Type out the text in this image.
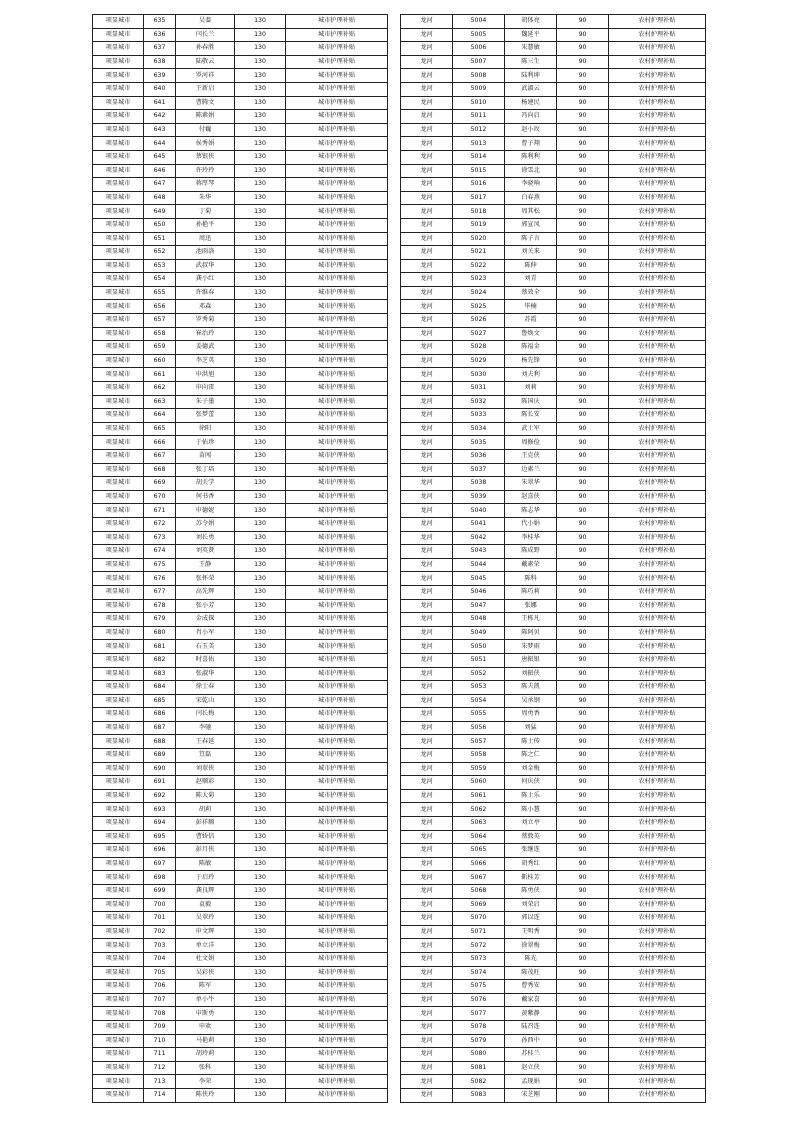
项显城市	635	吴蓁	130	城市护理补贴
项显城市	636	闫长兰	130	城市护理补贴
项显城市	637	孙春胜	130	城市护理补贴
项显城市	638	陆敬云	130	城市护理补贴
项显城市	639	罗河祥	130	城市护理补贴
项显城市	640	王新启	130	城市护理补贴
项显城市	641	曹腾文	130	城市护理补贴
项显城市	642	陈素娟	130	城市护理补贴
项显城市	643	付巍	130	城市护理补贴
项显城市	644	侯秀娟	130	城市护理补贴
项显城市	645	蔡银侠	130	城市护理补贴
项显城市	646	许玲玲	130	城市护理补贴
项显城市	647	蒋厚琴	130	城市护理补贴
项显城市	648	朱华	130	城市护理补贴
项显城市	649	丁菊	130	城市护理补贴
项显城市	650	孙艳平	130	城市护理补贴
项显城市	651	周迅	130	城市护理补贴
项显城市	652	池雨洛	130	城市护理补贴
项显城市	653	武叔华	130	城市护理补贴
项显城市	654	龚小红	130	城市护理补贴
项显城市	655	许维春	130	城市护理补贴
项显城市	656	邓森	130	城市护理补贴
项显城市	657	罗秀菊	130	城市护理补贴
项显城市	658	崔治玲	130	城市护理补贴
项显城市	659	姜德武	130	城市护理补贴
项显城市	660	李芝英	130	城市护理补贴
项显城市	661	申洪旭	130	城市护理补贴
项显城市	662	申向雷	130	城市护理补贴
项显城市	663	朱子墨	130	城市护理补贴
项显城市	664	张梦蕾	130	城市护理补贴
项显城市	665	徐阳	130	城市护理补贴
项显城市	666	于佑珍	130	城市护理补贴
项显城市	667	苗闯	130	城市护理补贴
项显城市	668	张丁培	130	城市护理补贴
项显城市	669	胡关学	130	城市护理补贴
项显城市	670	何书香	130	城市护理补贴
项显城市	671	申德妮	130	城市护理补贴
项显城市	672	苏令娟	130	城市护理补贴
项显城市	673	刘长勇	130	城市护理补贴
项显城市	674	刘英贤	130	城市护理补贴
项显城市	675	王静	130	城市护理补贴
项显城市	676	张怀荣	130	城市护理补贴
项显城市	677	高先辉	130	城市护理补贴
项显城市	678	张小芳	130	城市护理补贴
项显城市	679	金成探	130	城市护理补贴
项显城市	680	肖小军	130	城市护理补贴
项显城市	681	石玉美	130	城市护理补贴
项显城市	682	时喜佑	130	城市护理补贴
项显城市	683	张淑华	130	城市护理补贴
项显城市	684	徐士春	130	城市护理补贴
项显城市	685	宋乾山	130	城市护理补贴
项显城市	686	闫长梅	130	城市护理补贴
项显城市	687	李驰	130	城市护理补贴
项显城市	688	王春延	130	城市护理补贴
项显城市	689	笪磊	130	城市护理补贴
项显城市	690	刘翠侠	130	城市护理补贴
项显城市	691	赵顺彩	130	城市护理补贴
项显城市	692	陈大菊	130	城市护理补贴
项显城市	693	胡莉	130	城市护理补贴
项显城市	694	彭祥顺	130	城市护理补贴
项显城市	695	曹娇信	130	城市护理补贴
项显城市	696	彭月侠	130	城市护理补贴
项显城市	697	陈敏	130	城市护理补贴
项显城市	698	于启玲	130	城市护理补贴
项显城市	699	龚良辉	130	城市护理补贴
项显城市	700	袁毅	130	城市护理补贴
项显城市	701	吴翠玲	130	城市护理补贴
项显城市	702	申文辉	130	城市护理补贴
项显城市	703	单立洋	130	城市护理补贴
项显城市	704	杜文娟	130	城市护理补贴
项显城市	705	吴彩侠	130	城市护理补贴
项显城市	706	陈军	130	城市护理补贴
项显城市	707	单小牛	130	城市护理补贴
项显城市	708	申斯勇	130	城市护理补贴
项显城市	709	申欢	130	城市护理补贴
项显城市	710	马艳莉	130	城市护理补贴
项显城市	711	胡玲莉	130	城市护理补贴
项显城市	712	张科	130	城市护理补贴
项显城市	713	李荣	130	城市护理补贴
项显城市	714	陈侠玲	130	城市护理补贴
龙河	5004	胡体亮	90	农村护理补贴
龙河	5005	魏延平	90	农村护理补贴
龙河	5006	朱慧敏	90	农村护理补贴
龙河	5007	陈三生	90	农村护理补贴
龙河	5008	陆利坤	90	农村护理补贴
龙河	5009	武淑云	90	农村护理补贴
龙河	5010	杨建民	90	农村护理补贴
龙河	5011	冯向启	90	农村护理补贴
龙河	5012	赵小玫	90	农村护理补贴
龙河	5013	曹子翔	90	农村护理补贴
龙河	5014	陈利利	90	农村护理补贴
龙河	5015	徐雪北	90	农村护理补贴
龙河	5016	李晓响	90	农村护理补贴
龙河	5017	白春燕	90	农村护理补贴
龙河	5018	周其松	90	农村护理补贴
龙河	5019	郭宣凤	90	农村护理补贴
龙河	5020	陈子言	90	农村护理补贴
龙河	5021	刘关来	90	农村护理补贴
龙河	5022	陈伸	90	农村护理补贴
龙河	5023	刘青	90	农村护理补贴
龙河	5024	蔡效全	90	农村护理补贴
龙河	5025	毕楠	90	农村护理补贴
龙河	5026	苏霞	90	农村护理补贴
龙河	5027	鲁焕文	90	农村护理补贴
龙河	5028	陈福金	90	农村护理补贴
龙河	5029	杨先锋	90	农村护理补贴
龙河	5030	刘夫利	90	农村护理补贴
龙河	5031	刘莉	90	农村护理补贴
龙河	5032	陈国庆	90	农村护理补贴
龙河	5033	陈长安	90	农村护理补贴
龙河	5034	武士军	90	农村护理补贴
龙河	5035	周修俭	90	农村护理补贴
龙河	5036	王克侠	90	农村护理补贴
龙河	5037	边素兰	90	农村护理补贴
龙河	5038	朱翠华	90	农村护理补贴
龙河	5039	赵喜侠	90	农村护理补贴
龙河	5040	陈志华	90	农村护理补贴
龙河	5041	代小娟	90	农村护理补贴
龙河	5042	李桂华	90	农村护理补贴
龙河	5043	陈成野	90	农村护理补贴
龙河	5044	戴素荣	90	农村护理补贴
龙河	5045	陈科	90	农村护理补贴
龙河	5046	陈巧莉	90	农村护理补贴
龙河	5047	张娜	90	农村护理补贴
龙河	5048	王栋凡	90	农村护理补贴
龙河	5049	陈阿贝	90	农村护理补贴
龙河	5050	朱梦雨	90	农村护理补贴
龙河	5051	唐振银	90	农村护理补贴
龙河	5052	刘振侠	90	农村护理补贴
龙河	5053	陈夫凯	90	农村护理补贴
龙河	5054	吴承钢	90	农村护理补贴
龙河	5055	周勇香	90	农村护理补贴
龙河	5056	刘猛	90	农村护理补贴
龙河	5057	陈士传	90	农村护理补贴
龙河	5058	陈之仁	90	农村护理补贴
龙河	5059	刘金梅	90	农村护理补贴
龙河	5060	何庆侠	90	农村护理补贴
龙河	5061	陈士乐	90	农村护理补贴
龙河	5062	陈小慧	90	农村护理补贴
龙河	5063	刘立亭	90	农村护理补贴
龙河	5064	蔡敦英	90	农村护理补贴
龙河	5065	张继连	90	农村护理补贴
龙河	5066	胡秀红	90	农村护理补贴
龙河	5067	靳桂芳	90	农村护理补贴
龙河	5068	陈勇侠	90	农村护理补贴
龙河	5069	刘荣启	90	农村护理补贴
龙河	5070	郭以连	90	农村护理补贴
龙河	5071	王明秀	90	农村护理补贴
龙河	5072	徐翠梅	90	农村护理补贴
龙河	5073	陈光	90	农村护理补贴
龙河	5074	陈茂旺	90	农村护理补贴
龙河	5075	曹秀安	90	农村护理补贴
龙河	5076	戴家喜	90	农村护理补贴
龙河	5077	黄紫静	90	农村护理补贴
龙河	5078	陆召连	90	农村护理补贴
龙河	5079	孙西中	90	农村护理补贴
龙河	5080	苏桂兰	90	农村护理补贴
龙河	5081	赵立侠	90	农村护理补贴
龙河	5082	孟现娟	90	农村护理补贴
龙河	5083	宋芝刚	90	农村护理补贴
